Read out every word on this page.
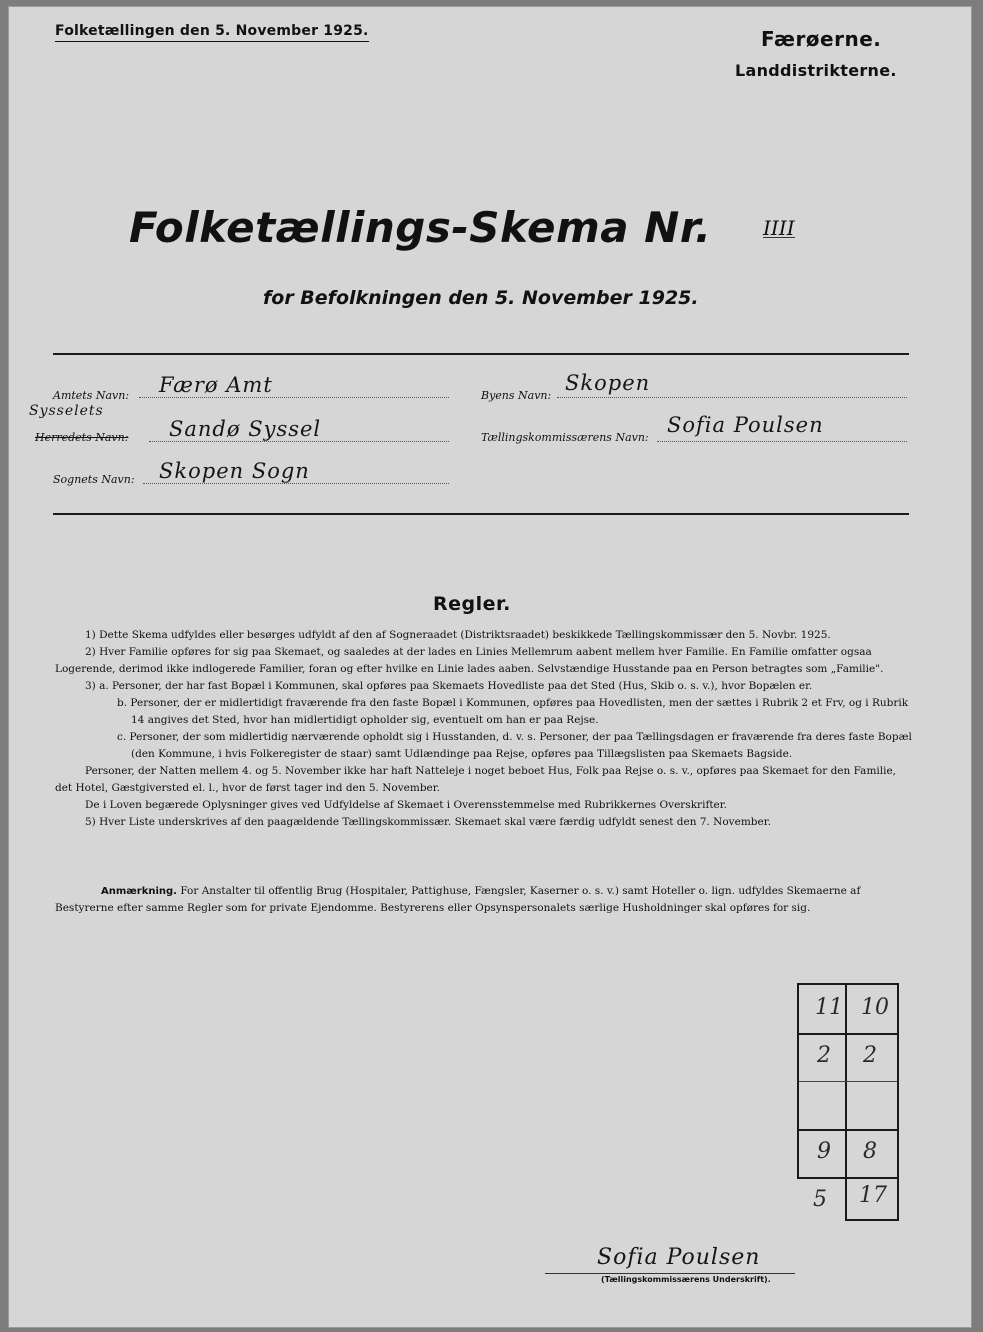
Folketællingen den 5. November 1925.	Færøerne.
Landdistrikterne.
Folketællings-Skema Nr.	IIII
for Befolkningen den 5. November 1925.
Amtets Navn: Færø Amt
Sysselets
Herredets Navn: Sandø Syssel
Sognets Navn: Skopen Sogn
Byens Navn:
Skopen
Tællingskommissærens Navn:
Sofia Poulsen
Regler.

1) Dette Skema udfyldes eller besørges udfyldt af den af Sogneraadet (Distriktsraadet) beskikkede Tællingskommissær den 5. Novbr. 1925.

2) Hver Familie opføres for sig paa Skemaet, og saaledes at der lades en Linies Mellemrum aabent mellem hver Familie. En Familie omfatter ogsaa Logerende, derimod ikke indlogerede Familier, foran og efter hvilke en Linie lades aaben. Selvstændige Husstande paa en Person betragtes som „Familie".

3) a. Personer, der har fast Bopæl i Kommunen, skal opføres paa Skemaets Hovedliste paa det Sted (Hus, Skib o. s. v.), hvor Bopælen er.

b. Personer, der er midlertidigt fraværende fra den faste Bopæl i Kommunen, opføres paa Hovedlisten, men der sættes i Rubrik 2 et Frv, og i Rubrik 14 angives det Sted, hvor han midlertidigt opholder sig, eventuelt om han er paa Rejse.

c. Personer, der som midlertidig nærværende opholdt sig i Husstanden, d. v. s. Personer, der paa Tællingsdagen er fraværende fra deres faste Bopæl (den Kommune, i hvis Folkeregister de staar) samt Udlændinge paa Rejse, opføres paa Tillægslisten paa Skemaets Bagside.

Personer, der Natten mellem 4. og 5. November ikke har haft Natteleje i noget beboet Hus, Folk paa Rejse o. s. v., opføres paa Skemaet for den Familie, det Hotel, Gæstgiversted el. l., hvor de først tager ind den 5. November.

De i Loven begærede Oplysninger gives ved Udfyldelse af Skemaet i Overensstemmelse med Rubrikkernes Overskrifter.

5) Hver Liste underskrives af den paagældende Tællingskommissær. Skemaet skal være færdig udfyldt senest den 7. November.

Anmærkning. For Anstalter til offentlig Brug (Hospitaler, Pattighuse, Fængsler, Kaserner o. s. v.) samt Hoteller o. lign. udfyldes Skemaerne af Bestyrerne efter samme Regler som for private Ejendomme. Bestyrerens eller Opsynspersonalets særlige Husholdninger skal opføres for sig.
11 10
2 2
9 8
5 17
Sofia Poulsen
(Tællingskommissærens Underskrift).
